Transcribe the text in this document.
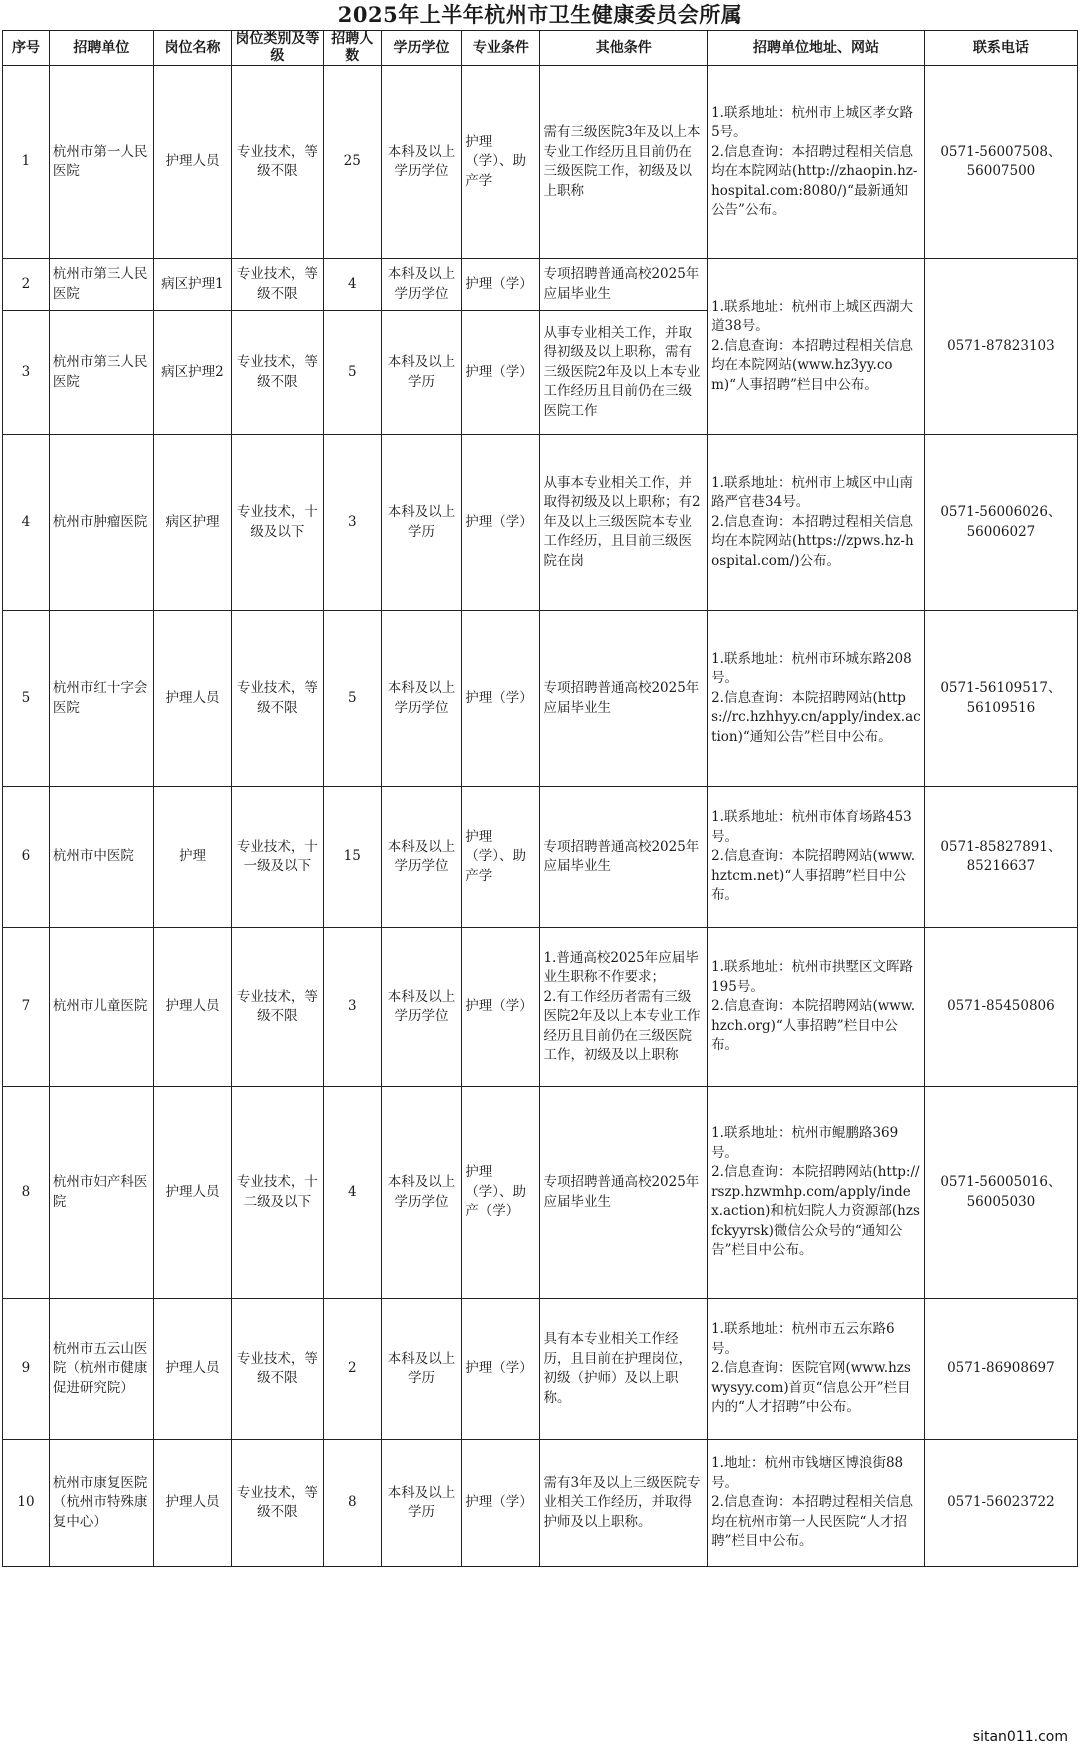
2025年上半年杭州市卫生健康委员会所属
序号	招聘单位	岗位名称	岗位类别及等级	招聘人数	学历学位	专业条件	其他条件	招聘单位地址、网站	联系电话
1	杭州市第一人民医院	护理人员	专业技术，等级不限	25	本科及以上学历学位	护理（学）、助产学	需有三级医院3年及以上本专业工作经历且目前仍在三级医院工作，初级及以上职称	1.联系地址：杭州市上城区孝女路5号。
2.信息查询：本招聘过程相关信息均在本院网站(http://zhaopin.hz-hospital.com:8080/)“最新通知公告”公布。	0571-56007508、56007500
2	杭州市第三人民医院	病区护理1	专业技术，等级不限	4	本科及以上学历学位	护理（学）	专项招聘普通高校2025年应届毕业生	1.联系地址：杭州市上城区西湖大道38号。
2.信息查询：本招聘过程相关信息均在本院网站(www.hz3yy.com)“人事招聘”栏目中公布。	0571-87823103
3	杭州市第三人民医院	病区护理2	专业技术，等级不限	5	本科及以上学历	护理（学）	从事专业相关工作，并取得初级及以上职称，需有三级医院2年及以上本专业工作经历且目前仍在三级医院工作		
4	杭州市肿瘤医院	病区护理	专业技术，十级及以下	3	本科及以上学历	护理（学）	从事本专业相关工作，并取得初级及以上职称；有2年及以上三级医院本专业工作经历，且目前三级医院在岗	1.联系地址：杭州市上城区中山南路严官巷34号。
2.信息查询：本招聘过程相关信息均在本院网站(https://zpws.hz-hospital.com/)公布。	0571-56006026、56006027
5	杭州市红十字会医院	护理人员	专业技术，等级不限	5	本科及以上学历学位	护理（学）	专项招聘普通高校2025年应届毕业生	1.联系地址：杭州市环城东路208号。
2.信息查询：本院招聘网站(https://rc.hzhhyy.cn/apply/index.action)“通知公告”栏目中公布。	0571-56109517、56109516
6	杭州市中医院	护理	专业技术，十一级及以下	15	本科及以上学历学位	护理（学）、助产学	专项招聘普通高校2025年应届毕业生	1.联系地址：杭州市体育场路453号。
2.信息查询：本院招聘网站(www.hztcm.net)“人事招聘”栏目中公布。	0571-85827891、85216637
7	杭州市儿童医院	护理人员	专业技术，等级不限	3	本科及以上学历学位	护理（学）	1.普通高校2025年应届毕业生职称不作要求；
2.有工作经历者需有三级医院2年及以上本专业工作经历且目前仍在三级医院工作，初级及以上职称	1.联系地址：杭州市拱墅区文晖路195号。
2.信息查询：本院招聘网站(www.hzch.org)“人事招聘”栏目中公布。	0571-85450806
8	杭州市妇产科医院	护理人员	专业技术，十二级及以下	4	本科及以上学历学位	护理（学）、助产（学）	专项招聘普通高校2025年应届毕业生	1.联系地址：杭州市鲲鹏路369号。
2.信息查询：本院招聘网站(http://rszp.hzwmhp.com/apply/index.action)和杭妇院人力资源部(hzsfckyyrsk)微信公众号的“通知公告”栏目中公布。	0571-56005016、56005030
9	杭州市五云山医院（杭州市健康促进研究院）	护理人员	专业技术，等级不限	2	本科及以上学历	护理（学）	具有本专业相关工作经历，且目前在护理岗位，初级（护师）及以上职称。	1.联系地址：杭州市五云东路6号。
2.信息查询：医院官网(www.hzswysyy.com)首页“信息公开”栏目内的“人才招聘”中公布。	0571-86908697
10	杭州市康复医院（杭州市特殊康复中心）	护理人员	专业技术，等级不限	8	本科及以上学历	护理（学）	需有3年及以上三级医院专业相关工作经历，并取得护师及以上职称。	1.地址：杭州市钱塘区博浪街88号。
2.信息查询：本招聘过程相关信息均在杭州市第一人民医院“人才招聘”栏目中公布。	0571-56023722
sitan011.com
